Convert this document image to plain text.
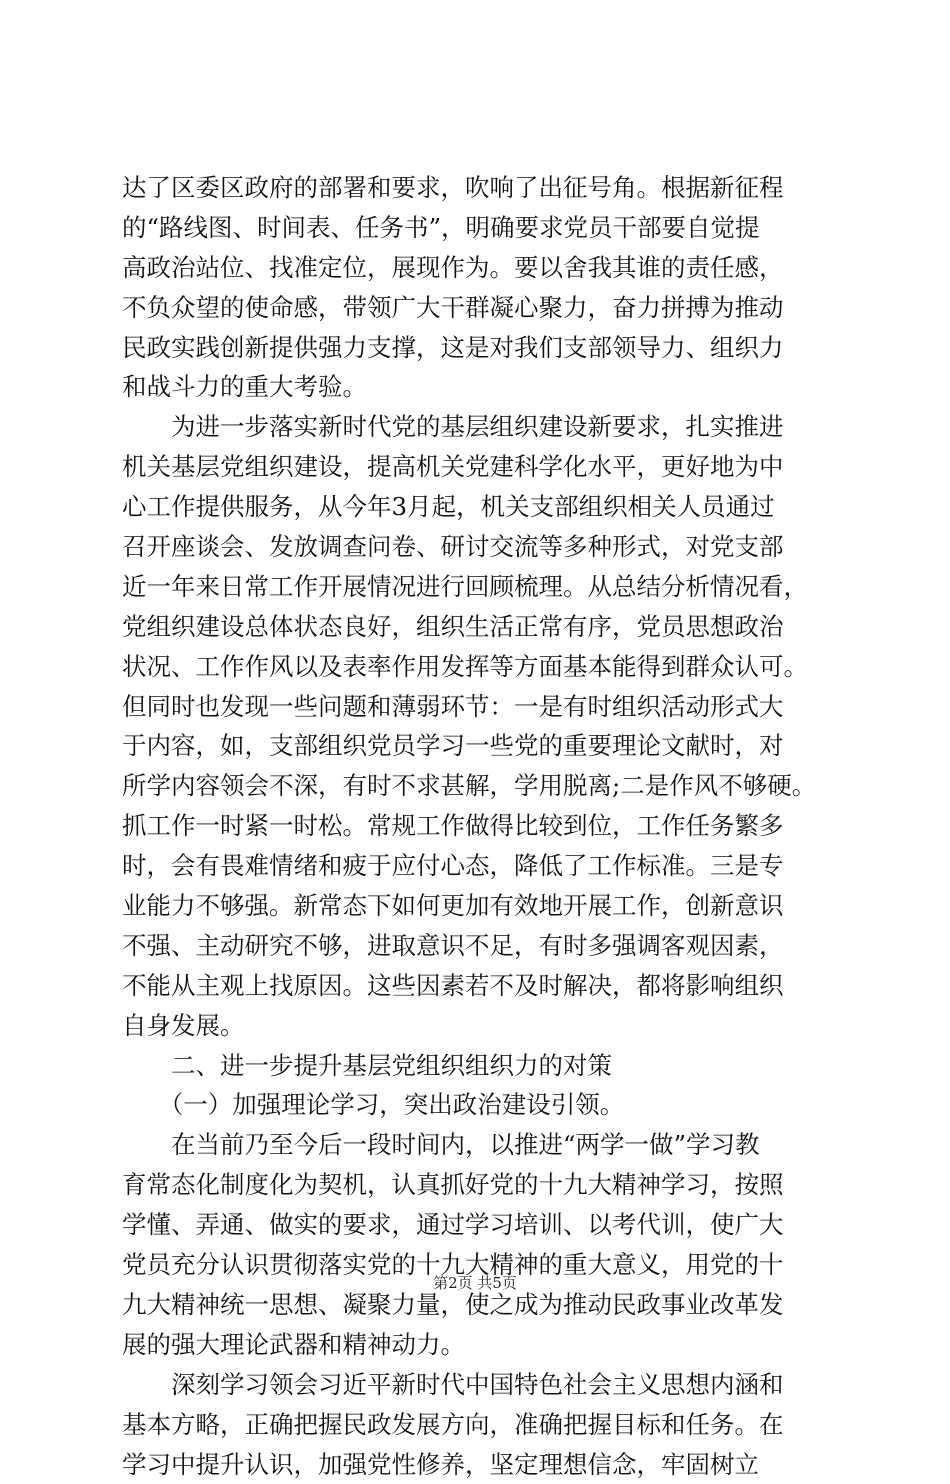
达了区委区政府的部署和要求，吹响了出征号角。根据新征程
的“路线图、时间表、任务书”，明确要求党员干部要自觉提
高政治站位、找准定位，展现作为。要以舍我其谁的责任感，
不负众望的使命感，带领广大干群凝心聚力，奋力拼搏为推动
民政实践创新提供强力支撑，这是对我们支部领导力、组织力
和战斗力的重大考验。
　　为进一步落实新时代党的基层组织建设新要求，扎实推进
机关基层党组织建设，提高机关党建科学化水平，更好地为中
心工作提供服务，从今年3月起，机关支部组织相关人员通过
召开座谈会、发放调查问卷、研讨交流等多种形式，对党支部
近一年来日常工作开展情况进行回顾梳理。从总结分析情况看，
党组织建设总体状态良好，组织生活正常有序，党员思想政治
状况、工作作风以及表率作用发挥等方面基本能得到群众认可。
但同时也发现一些问题和薄弱环节：一是有时组织活动形式大
于内容，如，支部组织党员学习一些党的重要理论文献时，对
所学内容领会不深，有时不求甚解，学用脱离;二是作风不够硬。
抓工作一时紧一时松。常规工作做得比较到位，工作任务繁多
时，会有畏难情绪和疲于应付心态，降低了工作标准。三是专
业能力不够强。新常态下如何更加有效地开展工作，创新意识
不强、主动研究不够，进取意识不足，有时多强调客观因素，
不能从主观上找原因。这些因素若不及时解决，都将影响组织
自身发展。
　　二、进一步提升基层党组织组织力的对策
　　（一）加强理论学习，突出政治建设引领。
　　在当前乃至今后一段时间内，以推进“两学一做”学习教
育常态化制度化为契机，认真抓好党的十九大精神学习，按照
学懂、弄通、做实的要求，通过学习培训、以考代训，使广大
党员充分认识贯彻落实党的十九大精神的重大意义，用党的十
九大精神统一思想、凝聚力量，使之成为推动民政事业改革发
展的强大理论武器和精神动力。
　　深刻学习领会习近平新时代中国特色社会主义思想内涵和
基本方略，正确把握民政发展方向，准确把握目标和任务。在
学习中提升认识，加强党性修养，坚定理想信念，牢固树立
第2页 共5页
